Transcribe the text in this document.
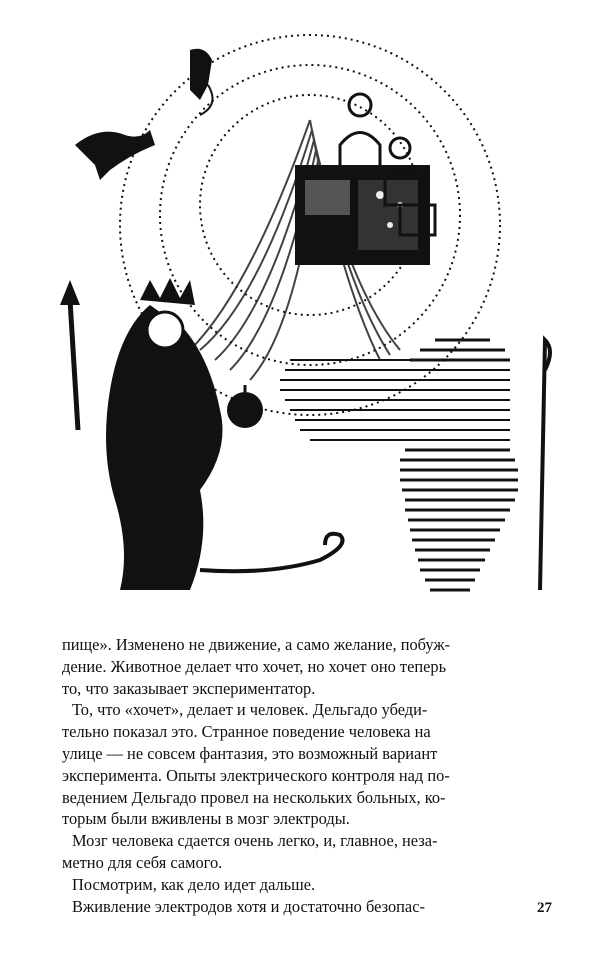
пище». Изменено не движение, а само желание, побуж-
дение. Животное делает что хочет, но хочет оно теперь
то, что заказывает экспериментатор.

То, что «хочет», делает и человек. Дельгадо убеди-
тельно показал это. Странное поведение человека на
улице — не совсем фантазия, это возможный вариант
эксперимента. Опыты электрического контроля над по-
ведением Дельгадо провел на нескольких больных, ко-
торым были вживлены в мозг электроды.

Мозг человека сдается очень легко, и, главное, неза-
метно для себя самого.

Посмотрим, как дело идет дальше.

Вживление электродов хотя и достаточно безопас-	27
